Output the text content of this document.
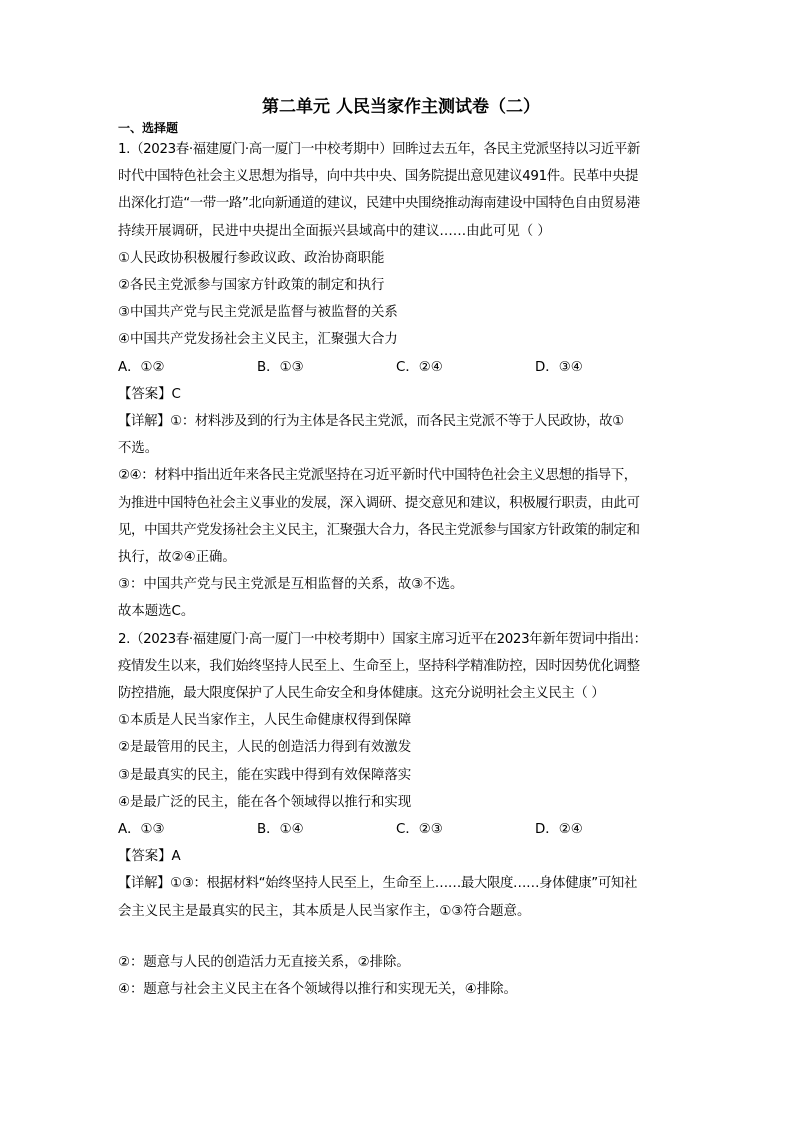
第二单元 人民当家作主测试卷（二）
一、选择题
1.（2023春·福建厦门·高一厦门一中校考期中）回眸过去五年，各民主党派坚持以习近平新
时代中国特色社会主义思想为指导，向中共中央、国务院提出意见建议491件。民革中央提
出深化打造“一带一路”北向新通道的建议，民建中央围绕推动海南建设中国特色自由贸易港
持续开展调研，民进中央提出全面振兴县域高中的建议……由此可见（ ）
①人民政协积极履行参政议政、政治协商职能
②各民主党派参与国家方针政策的制定和执行
③中国共产党与民主党派是监督与被监督的关系
④中国共产党发扬社会主义民主，汇聚强大合力
A．①②	B．①③	C．②④	D．③④
【答案】C
【详解】①：材料涉及到的行为主体是各民主党派，而各民主党派不等于人民政协，故①
不选。
②④：材料中指出近年来各民主党派坚持在习近平新时代中国特色社会主义思想的指导下，
为推进中国特色社会主义事业的发展，深入调研、提交意见和建议，积极履行职责，由此可
见，中国共产党发扬社会主义民主，汇聚强大合力，各民主党派参与国家方针政策的制定和
执行，故②④正确。
③：中国共产党与民主党派是互相监督的关系，故③不选。
故本题选C。
2.（2023春·福建厦门·高一厦门一中校考期中）国家主席习近平在2023年新年贺词中指出：
疫情发生以来，我们始终坚持人民至上、生命至上，坚持科学精准防控，因时因势优化调整
防控措施，最大限度保护了人民生命安全和身体健康。这充分说明社会主义民主（ ）
①本质是人民当家作主，人民生命健康权得到保障
②是最管用的民主，人民的创造活力得到有效激发
③是最真实的民主，能在实践中得到有效保障落实
④是最广泛的民主，能在各个领域得以推行和实现
A．①③	B．①④	C．②③	D．②④
【答案】A
【详解】①③：根据材料“始终坚持人民至上，生命至上……最大限度……身体健康”可知社
会主义民主是最真实的民主，其本质是人民当家作主，①③符合题意。
②：题意与人民的创造活力无直接关系，②排除。
④：题意与社会主义民主在各个领域得以推行和实现无关，④排除。
